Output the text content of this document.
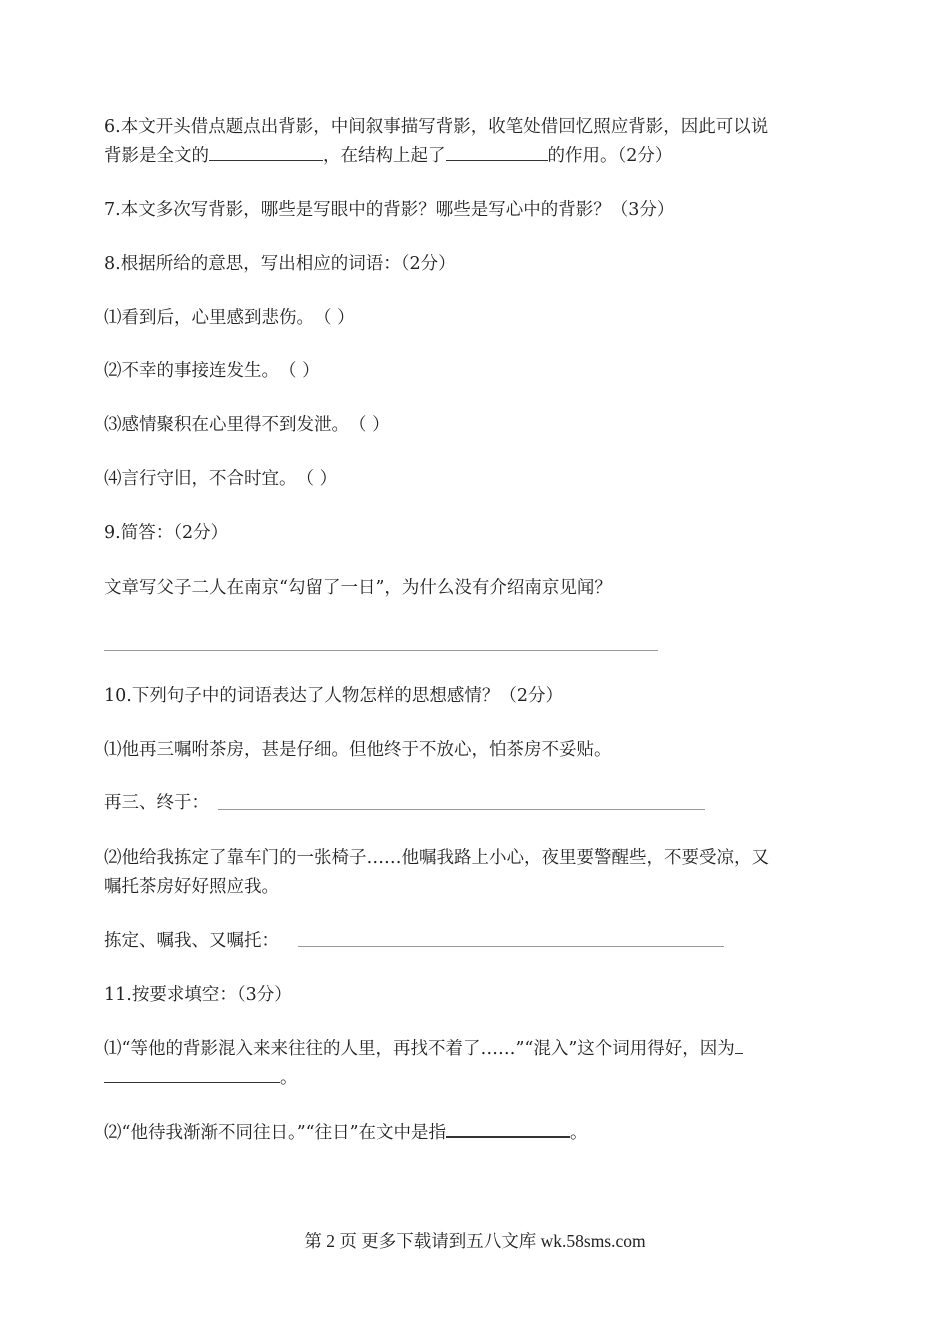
6.本文开头借点题点出背影，中间叙事描写背影，收笔处借回忆照应背影，因此可以说
背影是全文的	，在结构上起了	的作用。（2分）
7.本文多次写背影，哪些是写眼中的背影？哪些是写心中的背影？（3分）
8.根据所给的意思，写出相应的词语：（2分）
⑴看到后，心里感到悲伤。（ ）
⑵不幸的事接连发生。（ ）
⑶感情聚积在心里得不到发泄。（ ）
⑷言行守旧，不合时宜。（ ）
9.简答：（2分）
文章写父子二人在南京“勾留了一日”，为什么没有介绍南京见闻？
10.下列句子中的词语表达了人物怎样的思想感情？（2分）
⑴他再三嘱咐茶房，甚是仔细。但他终于不放心，怕茶房不妥贴。
再三、终于：
⑵他给我拣定了靠车门的一张椅子……他嘱我路上小心，夜里要警醒些，不要受凉，又
嘱托茶房好好照应我。
拣定、嘱我、又嘱托：
11.按要求填空：（3分）
⑴“等他的背影混入来来往往的人里，再找不着了……”“混入”这个词用得好，因为
。
⑵“他待我渐渐不同往日。”“往日”在文中是指	。
第 2 页 更多下载请到五八文库 wk.58sms.com
